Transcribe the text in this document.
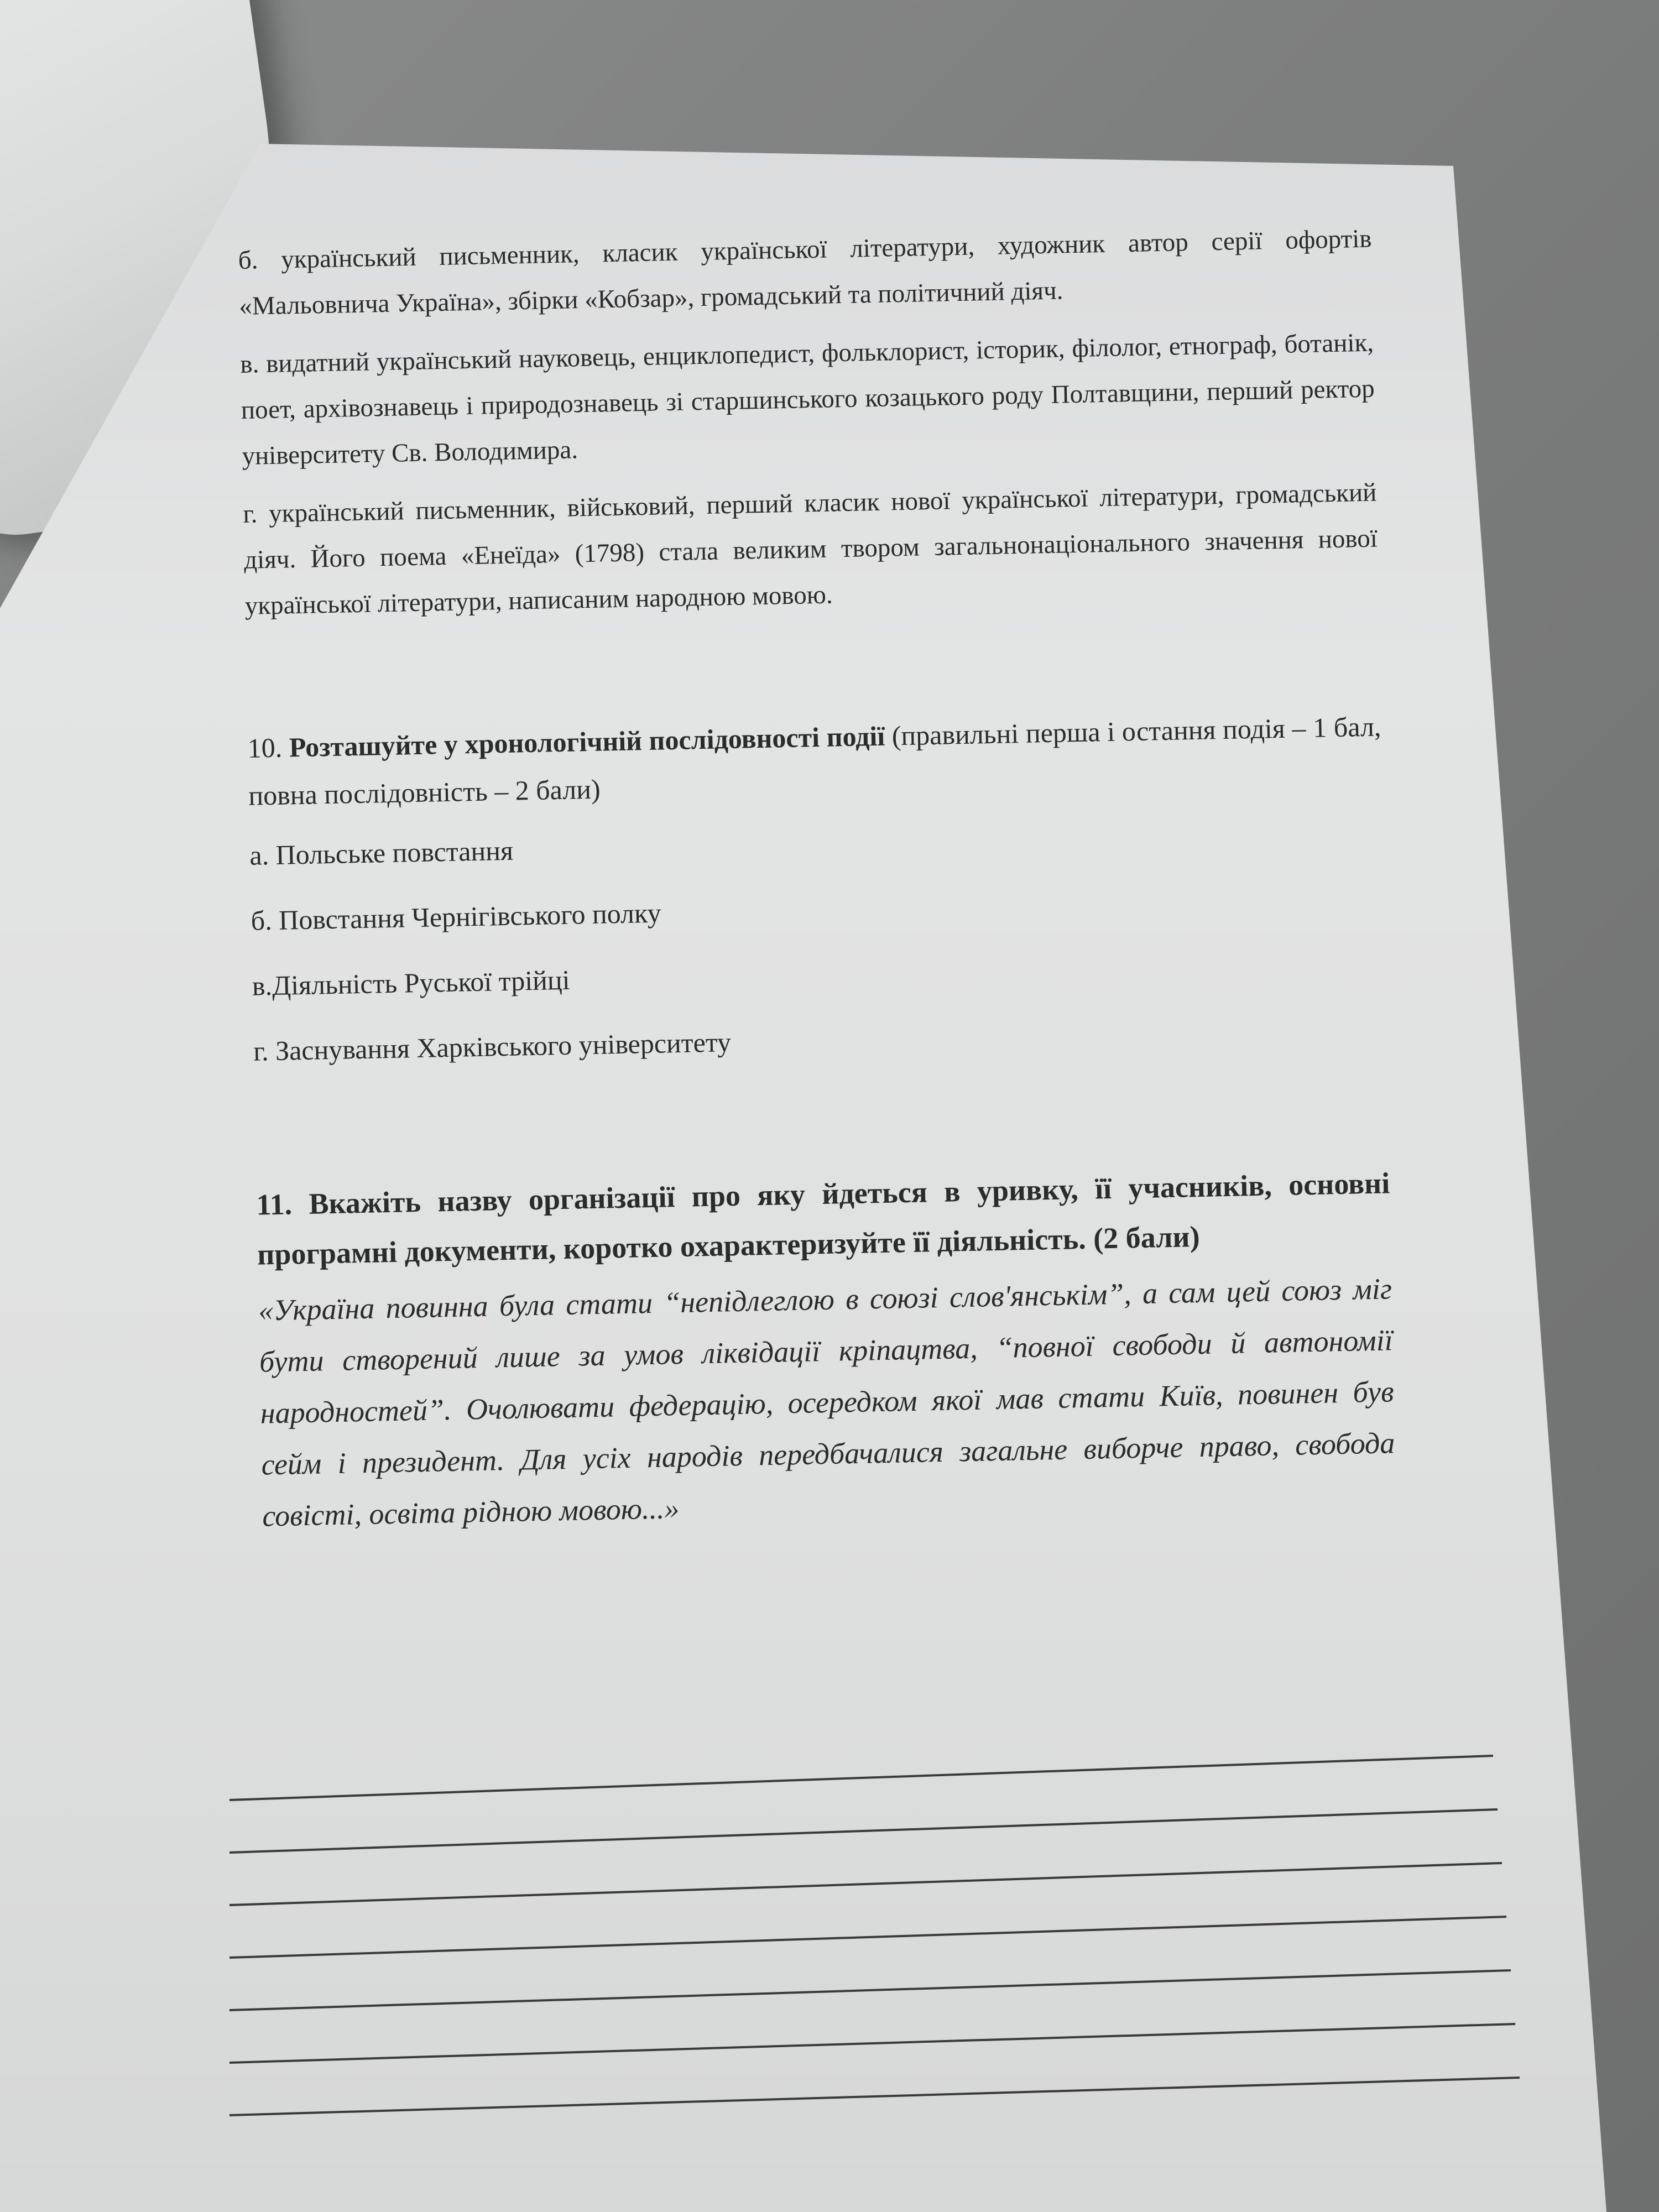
б. український письменник, класик української літератури, художник автор серії офортів «Мальовнича Україна», збірки «Кобзар», громадський та політичний діяч.

в. видатний український науковець, енциклопедист, фольклорист, історик, філолог, етнограф, ботанік, поет, архівознавець і природознавець зі старшинського козацького роду Полтавщини, перший ректор університету Св. Володимира.

г. український письменник, військовий, перший класик нової української літератури, громадський діяч. Його поема «Енеїда» (1798) стала великим твором загальнонаціонального значення нової української літератури, написаним народною мовою.

10. Розташуйте у хронологічній послідовності події (правильні перша і остання подія – 1 бал, повна послідовність – 2 бали)

а. Польське повстання

б. Повстання Чернігівського полку

в.Діяльність Руської трійці

г. Заснування Харківського університету

11. Вкажіть назву організації про яку йдеться в уривку, її учасників, основні програмні документи, коротко охарактеризуйте її діяльність. (2 бали)

«Україна повинна була стати “непідлеглою в союзі слов'янськім”, а сам цей союз міг бути створений лише за умов ліквідації кріпацтва, “повної свободи й автономії народностей”. Очолювати федерацію, осередком якої мав стати Київ, повинен був сейм і президент. Для усіх народів передбачалися загальне виборче право, свобода совісті, освіта рідною мовою...»
